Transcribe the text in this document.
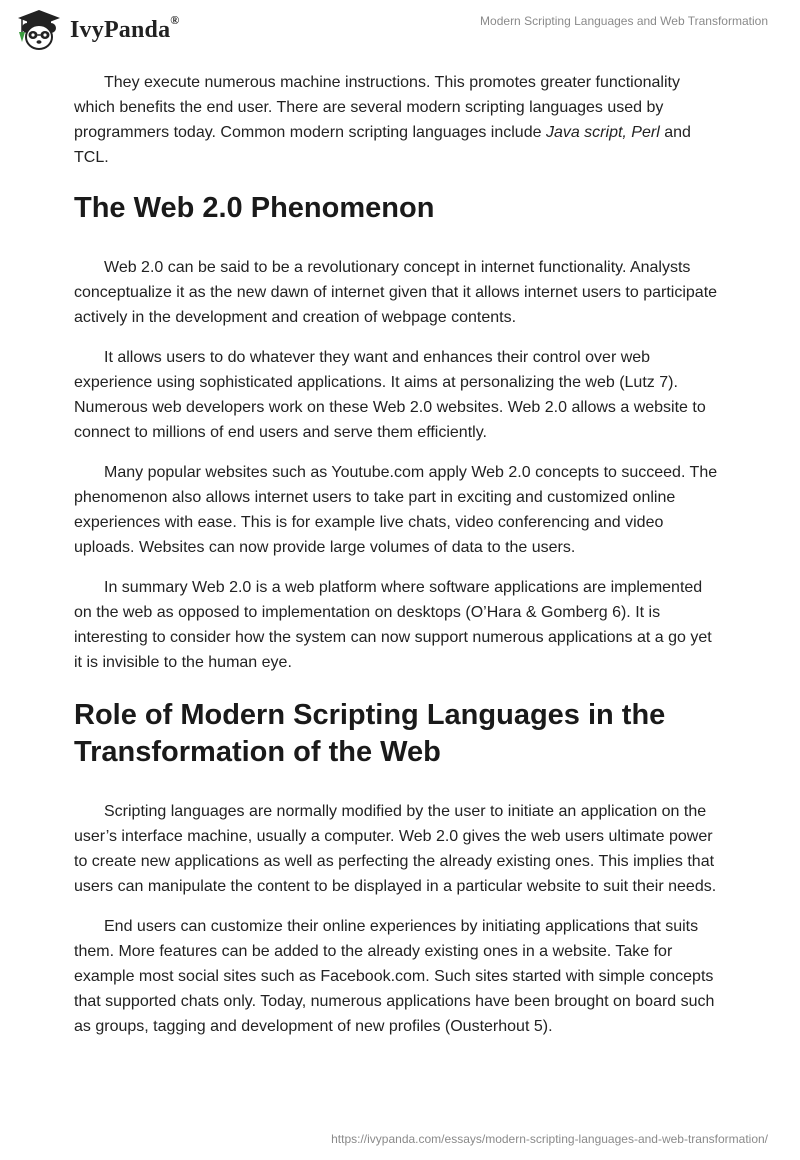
IvyPanda®	Modern Scripting Languages and Web Transformation

They execute numerous machine instructions. This promotes greater functionality which benefits the end user. There are several modern scripting languages used by programmers today. Common modern scripting languages include Java script, Perl and TCL.

The Web 2.0 Phenomenon

Web 2.0 can be said to be a revolutionary concept in internet functionality. Analysts conceptualize it as the new dawn of internet given that it allows internet users to participate actively in the development and creation of webpage contents.

It allows users to do whatever they want and enhances their control over web experience using sophisticated applications. It aims at personalizing the web (Lutz 7). Numerous web developers work on these Web 2.0 websites. Web 2.0 allows a website to connect to millions of end users and serve them efficiently.

Many popular websites such as Youtube.com apply Web 2.0 concepts to succeed. The phenomenon also allows internet users to take part in exciting and customized online experiences with ease. This is for example live chats, video conferencing and video uploads. Websites can now provide large volumes of data to the users.

In summary Web 2.0 is a web platform where software applications are implemented on the web as opposed to implementation on desktops (O’Hara & Gomberg 6). It is interesting to consider how the system can now support numerous applications at a go yet it is invisible to the human eye.

Role of Modern Scripting Languages in the Transformation of the Web

Scripting languages are normally modified by the user to initiate an application on the user’s interface machine, usually a computer. Web 2.0 gives the web users ultimate power to create new applications as well as perfecting the already existing ones. This implies that users can manipulate the content to be displayed in a particular website to suit their needs.

End users can customize their online experiences by initiating applications that suits them. More features can be added to the already existing ones in a website. Take for example most social sites such as Facebook.com. Such sites started with simple concepts that supported chats only. Today, numerous applications have been brought on board such as groups, tagging and development of new profiles (Ousterhout 5).

https://ivypanda.com/essays/modern-scripting-languages-and-web-transformation/
